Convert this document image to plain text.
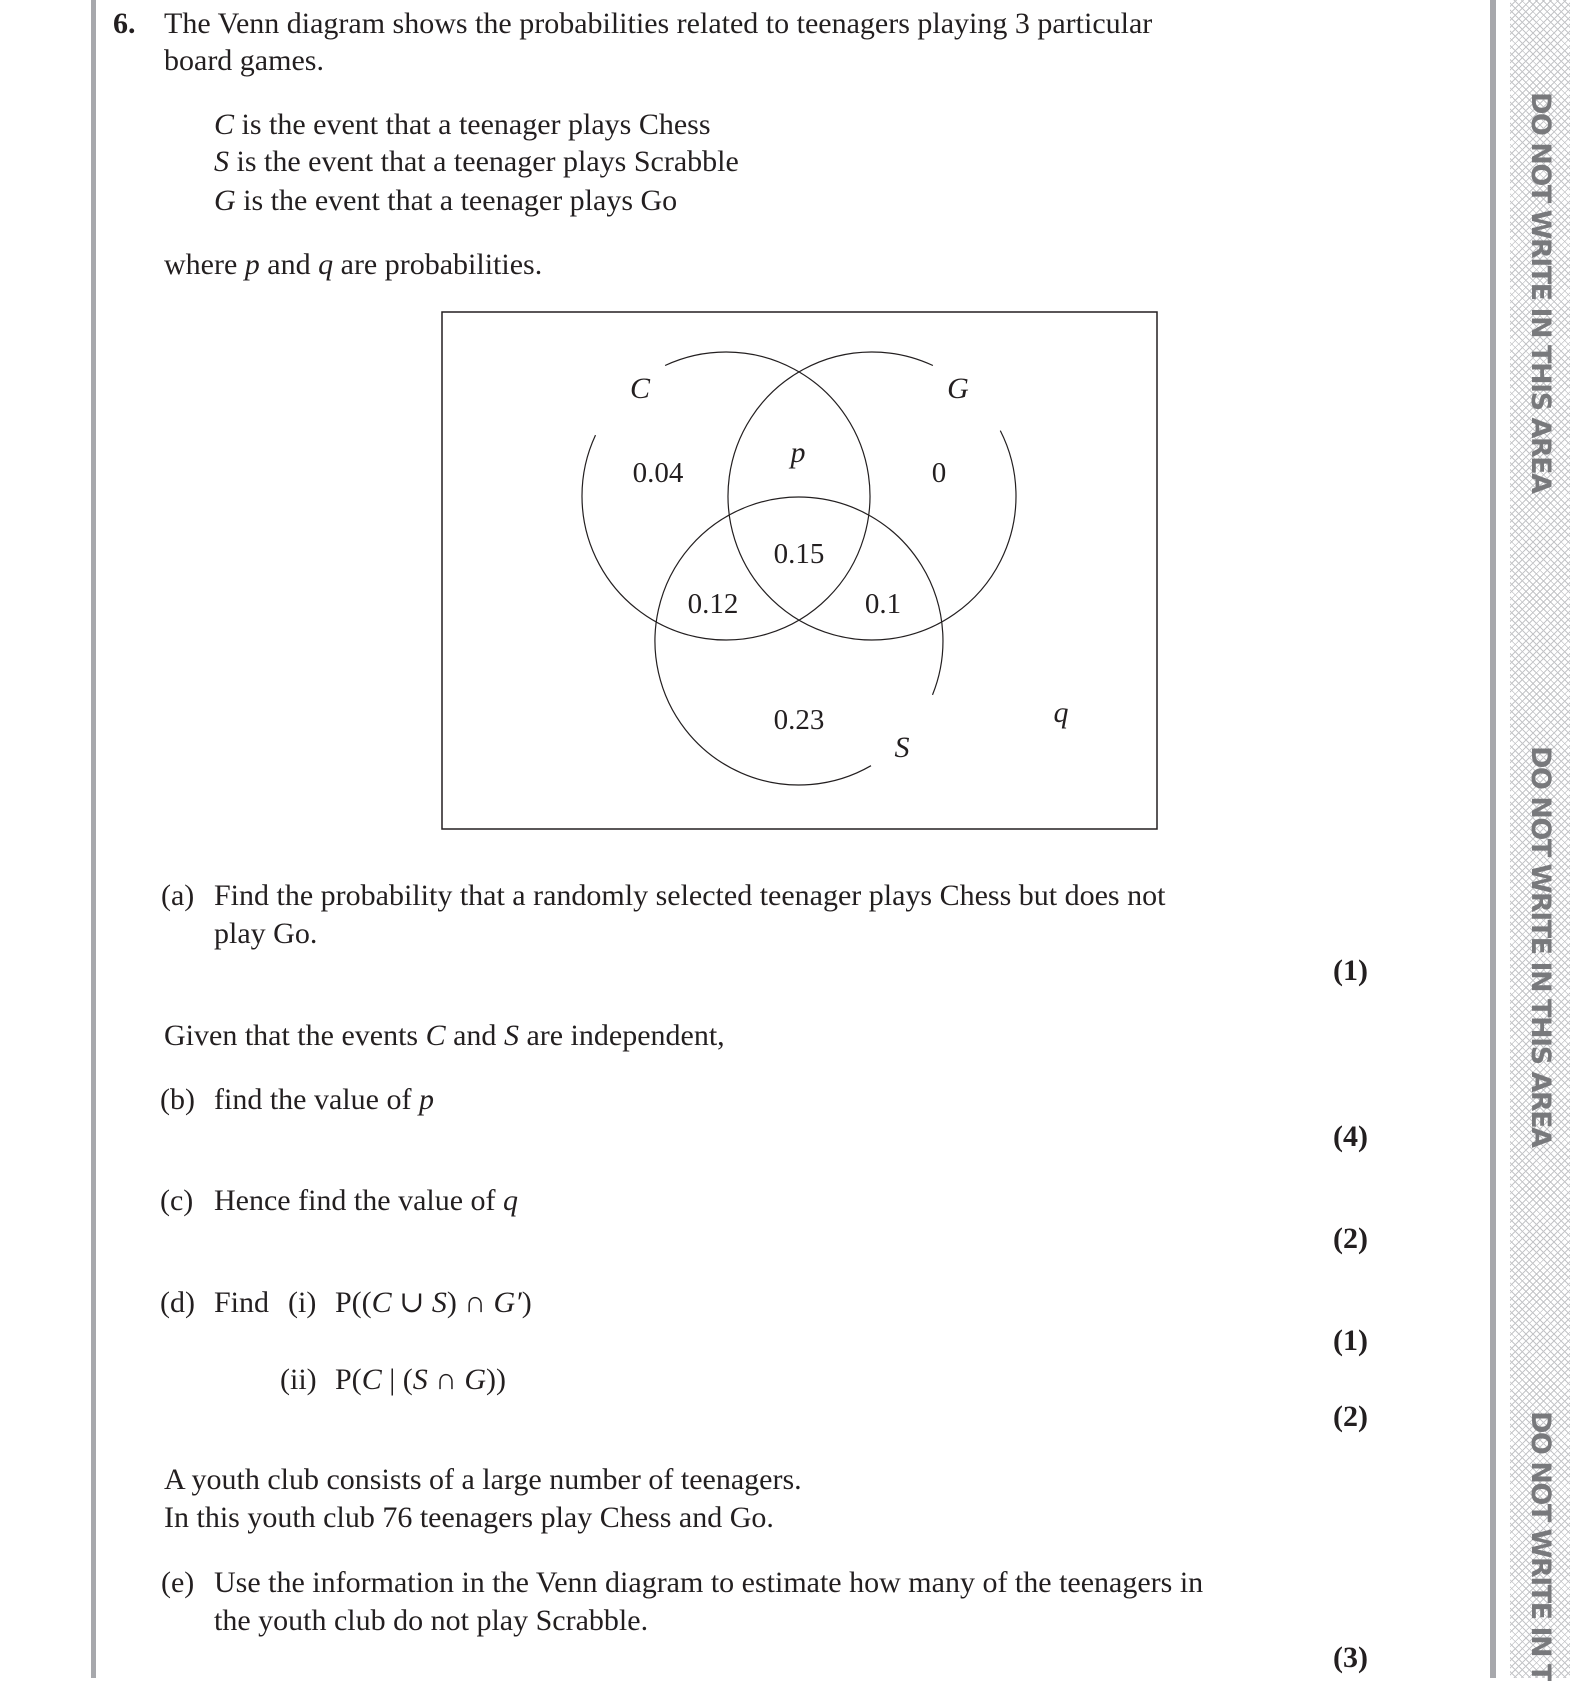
DO NOT WRITE IN THIS AREA
DO NOT WRITE IN THIS AREA
DO NOT WRITE IN T
6. The Venn diagram shows the probabilities related to teenagers playing 3 particular
board games.
C is the event that a teenager plays Chess
S is the event that a teenager plays Scrabble
G is the event that a teenager plays Go
where p and q are probabilities.
C	G
S
0.04
p
0
0.15
0.12	0.1
0.23	q
(a) Find the probability that a randomly selected teenager plays Chess but does not
play Go.
(1)
Given that the events C and S are independent,
(b) find the value of p
(4)
(c) Hence find the value of q
(2)
(d) Find (i) P((C ∪ S) ∩ G′)
(1)
(ii) P(C | (S ∩ G))
(2)
A youth club consists of a large number of teenagers.
In this youth club 76 teenagers play Chess and Go.
(e) Use the information in the Venn diagram to estimate how many of the teenagers in
the youth club do not play Scrabble.
(3)
